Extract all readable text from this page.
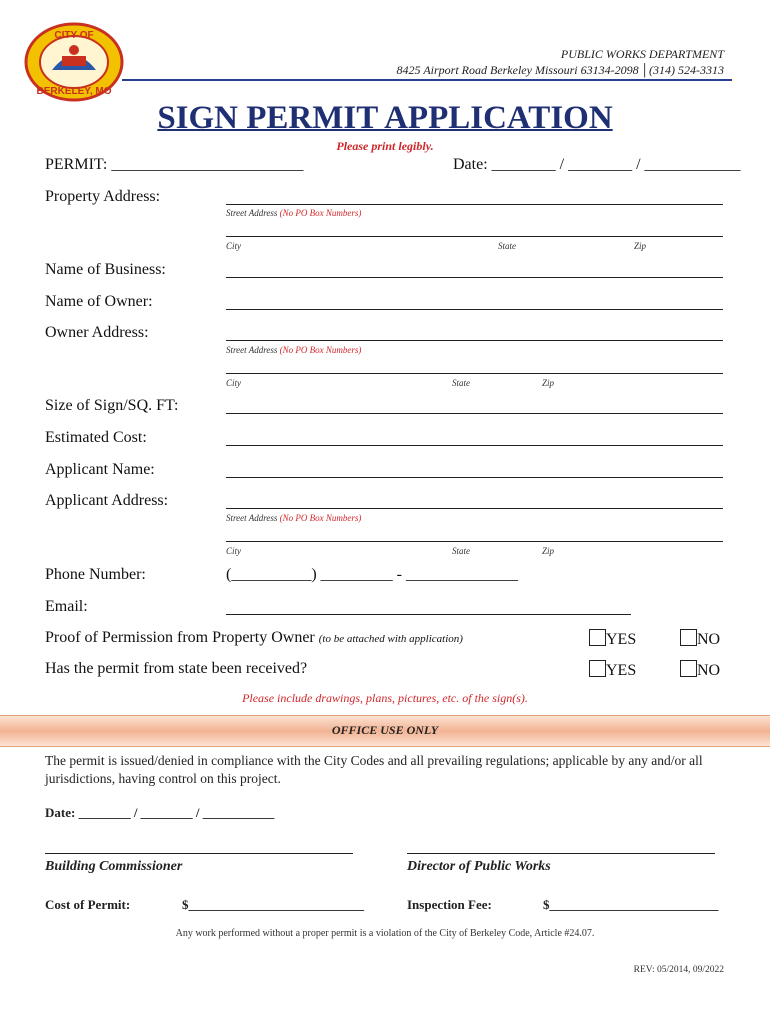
CITY OF
BERKELEY, MO
PUBLIC WORKS DEPARTMENT
8425 Airport Road Berkeley Missouri 63134-2098 │(314) 524-3313
SIGN PERMIT APPLICATION
Please print legibly.
PERMIT: ________________________	Date: ________ / ________ / ____________
Property Address:
Street Address (No PO Box Numbers)
City	State	Zip
Name of Business:
Name of Owner:
Owner Address:
Street Address (No PO Box Numbers)
City	State	Zip
Size of Sign/SQ. FT:
Estimated Cost:
Applicant Name:
Applicant Address:
Street Address (No PO Box Numbers)
City	State	Zip
Phone Number:	(__________) _________ - ______________
Email:
Proof of Permission from Property Owner (to be attached with application)	YES	NO
Has the permit from state been received?	YES	NO
Please include drawings, plans, pictures, etc. of the sign(s).
OFFICE USE ONLY
The permit is issued/denied in compliance with the City Codes and all prevailing regulations; applicable by any and/or all jurisdictions, having control on this project.
Date: ________ / ________ / ___________
Building Commissioner	Director of Public Works
Cost of Permit:	$___________________________	Inspection Fee:	$__________________________
Any work performed without a proper permit is a violation of the City of Berkeley Code, Article #24.07.
REV: 05/2014, 09/2022
